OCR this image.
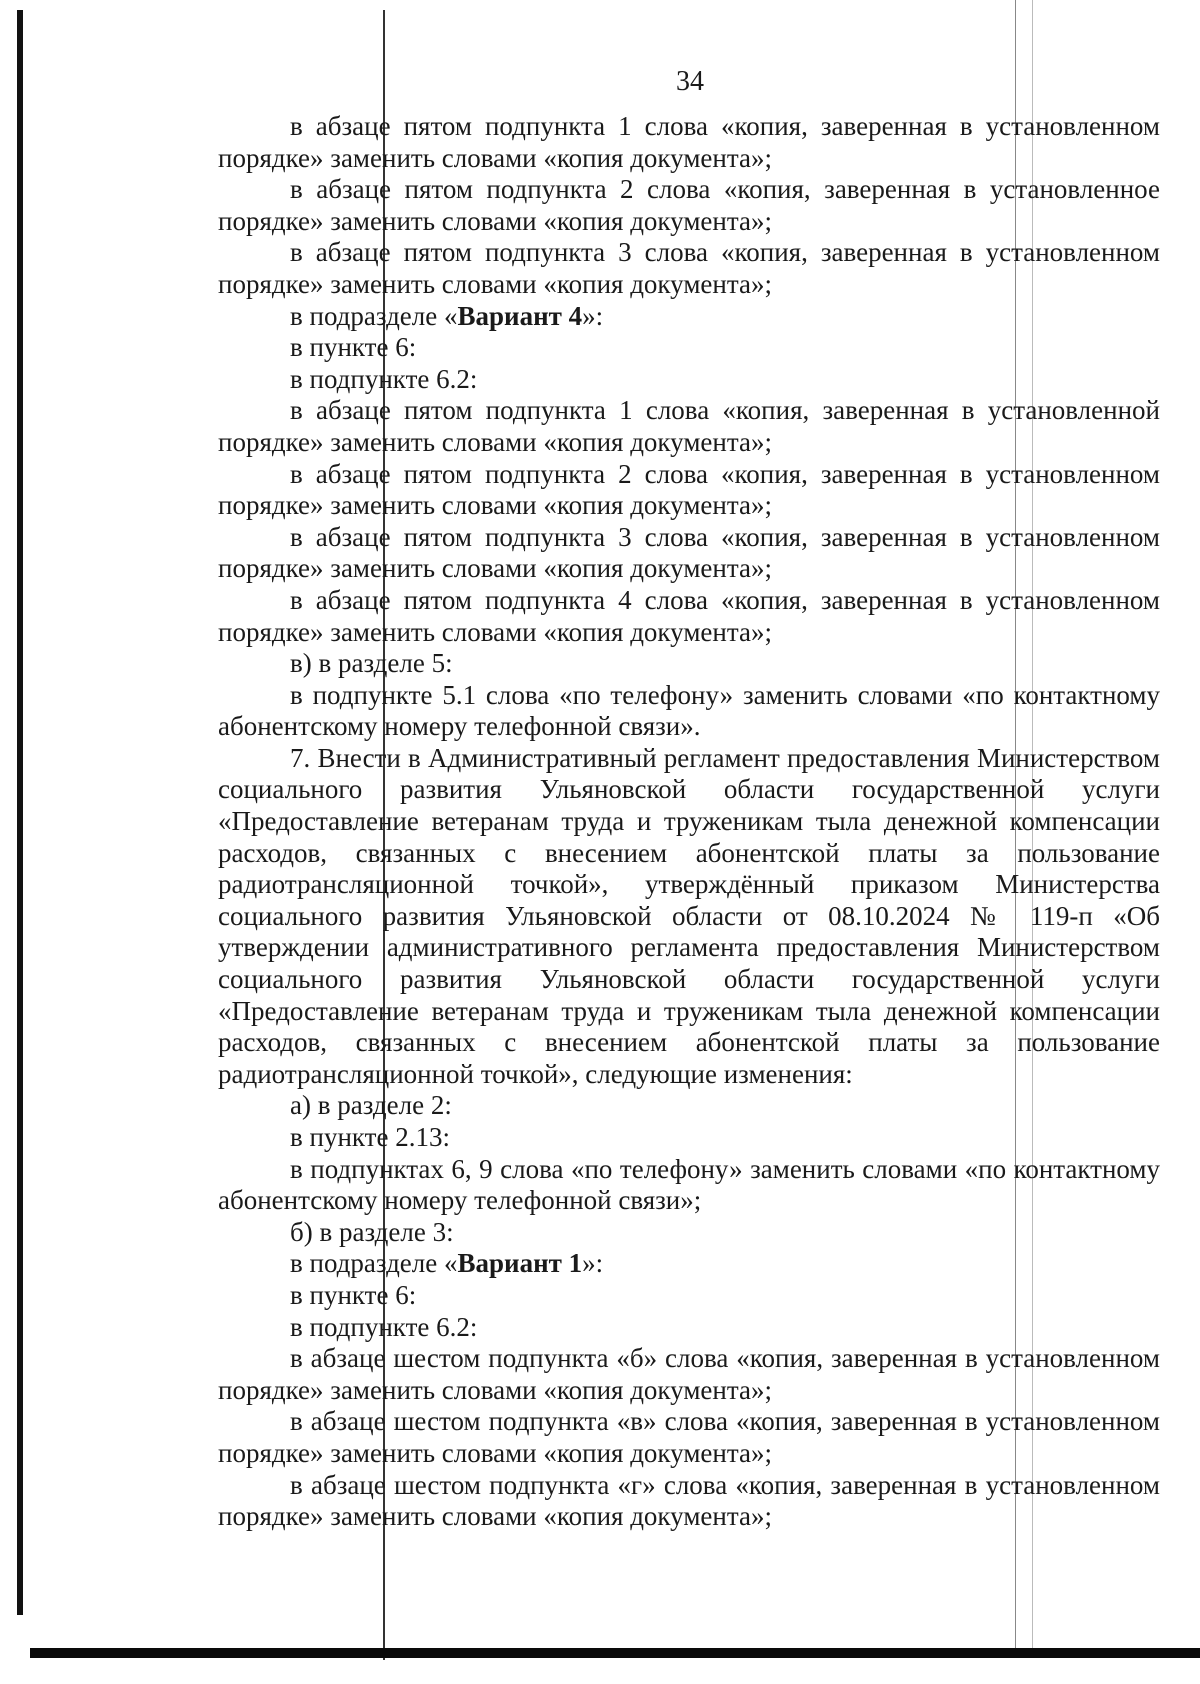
34

в абзаце пятом подпункта 1 слова «копия, заверенная в установленном порядке» заменить словами «копия документа»;

в абзаце пятом подпункта 2 слова «копия, заверенная в установленное порядке» заменить словами «копия документа»;

в абзаце пятом подпункта 3 слова «копия, заверенная в установленном порядке» заменить словами «копия документа»;

в подразделе «Вариант 4»:

в пункте 6:

в подпункте 6.2:

в абзаце пятом подпункта 1 слова «копия, заверенная в установленной порядке» заменить словами «копия документа»;

в абзаце пятом подпункта 2 слова «копия, заверенная в установленном порядке» заменить словами «копия документа»;

в абзаце пятом подпункта 3 слова «копия, заверенная в установленном порядке» заменить словами «копия документа»;

в абзаце пятом подпункта 4 слова «копия, заверенная в установленном порядке» заменить словами «копия документа»;

в) в разделе 5:

в подпункте 5.1 слова «по телефону» заменить словами «по контактному абонентскому номеру телефонной связи».

7. Внести в Административный регламент предоставления Министерством социального развития Ульяновской области государственной услуги «Предоставление ветеранам труда и труженикам тыла денежной компенсации расходов, связанных с внесением абонентской платы за пользование радиотрансляционной точкой», утверждённый приказом Министерства социального развития Ульяновской области от 08.10.2024 № 119-п «Об утверждении административного регламента предоставления Министерством социального развития Ульяновской области государственной услуги «Предоставление ветеранам труда и труженикам тыла денежной компенсации расходов, связанных с внесением абонентской платы за пользование радиотрансляционной точкой», следующие изменения:

а) в разделе 2:

в пункте 2.13:

в подпунктах 6, 9 слова «по телефону» заменить словами «по контактному абонентскому номеру телефонной связи»;

б) в разделе 3:

в подразделе «Вариант 1»:

в пункте 6:

в подпункте 6.2:

в абзаце шестом подпункта «б» слова «копия, заверенная в установленном порядке» заменить словами «копия документа»;

в абзаце шестом подпункта «в» слова «копия, заверенная в установленном порядке» заменить словами «копия документа»;

в абзаце шестом подпункта «г» слова «копия, заверенная в установленном порядке» заменить словами «копия документа»;
